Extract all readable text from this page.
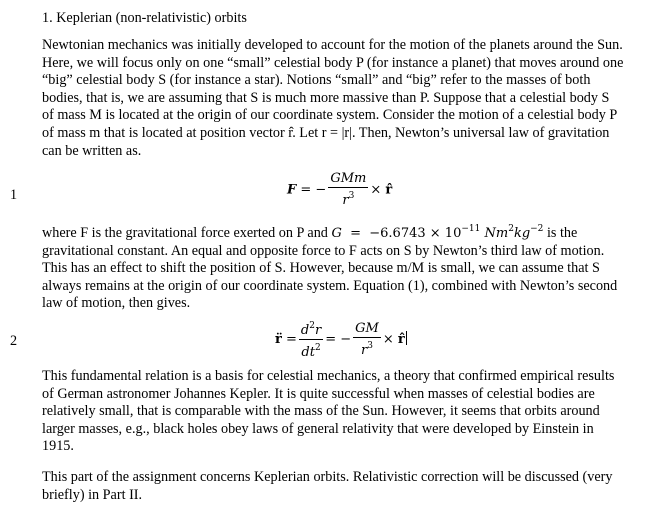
1. Keplerian (non-relativistic) orbits
Newtonian mechanics was initially developed to account for the motion of the planets around the Sun.
Here, we will focus only on one “small” celestial body P (for instance a planet) that moves around one
“big” celestial body S (for instance a star). Notions “small” and “big” refer to the masses of both
bodies, that is, we are assuming that S is much more massive than P. Suppose that a celestial body S
of mass M is located at the origin of our coordinate system. Consider the motion of a celestial body P
of mass m that is located at position vector r̂. Let r = |r|. Then, Newton’s universal law of gravitation
can be written as.
1	F = − $\frac{\text{GMm}}{r^3}$ × r̂
where F is the gravitational force exerted on P and $G = -6.6743 \times 10^{-11}$ $Nm^2kg^{-2}$ is the
gravitational constant. An equal and opposite force to F acts on S by Newton’s third law of motion.
This has an effect to shift the position of S. However, because m/M is small, we can assume that S
always remains at the origin of our coordinate system. Equation (1), combined with Newton’s second
law of motion, then gives.
2	r̈ = $\frac{d^2r}{dt^2}$ = − $\frac{GM}{r^3}$ × r̂
This fundamental relation is a basis for celestial mechanics, a theory that confirmed empirical results
of German astronomer Johannes Kepler. It is quite successful when masses of celestial bodies are
relatively small, that is comparable with the mass of the Sun. However, it seems that orbits around
larger masses, e.g., black holes obey laws of general relativity that were developed by Einstein in
1915.
This part of the assignment concerns Keplerian orbits. Relativistic correction will be discussed (very
briefly) in Part II.
